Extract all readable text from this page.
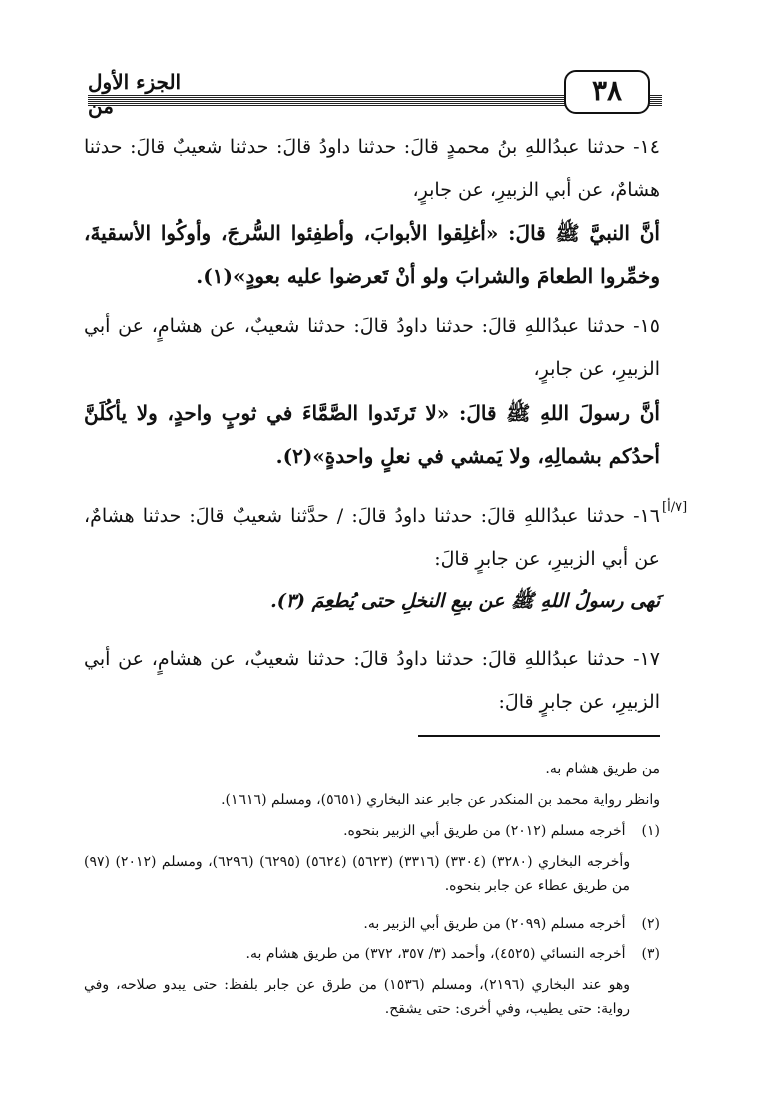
الجزء الأول من	٣٨
[٧/أ]
١٤- حدثنا عبدُاللهِ بنُ محمدٍ قالَ: حدثنا داودُ قالَ: حدثنا شعيبٌ قالَ: حدثنا هشامٌ، عن أبي الزبيرِ، عن جابرٍ،
أنَّ النبيَّ ﷺ قالَ: «أغلِقوا الأبوابَ، وأطفِئوا السُّرجَ، وأوكُوا الأسقيةَ، وخمِّروا الطعامَ والشرابَ ولو أنْ تَعرضوا عليه بعودٍ»(١).
١٥- حدثنا عبدُاللهِ قالَ: حدثنا داودُ قالَ: حدثنا شعيبٌ، عن هشامٍ، عن أبي الزبيرِ، عن جابرٍ،
أنَّ رسولَ اللهِ ﷺ قالَ: «لا تَرتَدوا الصَّمَّاءَ في ثوبٍ واحدٍ، ولا يأكُلَنَّ أحدُكم بشمالِهِ، ولا يَمشي في نعلٍ واحدةٍ»(٢).
١٦- حدثنا عبدُاللهِ قالَ: حدثنا داودُ قالَ: / حدَّثنا شعيبٌ قالَ: حدثنا هشامٌ، عن أبي الزبيرِ، عن جابرٍ قالَ:
نَهى رسولُ اللهِ ﷺ عن بيعِ النخلِ حتى يُطعِمَ (٣).
١٧- حدثنا عبدُاللهِ قالَ: حدثنا داودُ قالَ: حدثنا شعيبٌ، عن هشامٍ، عن أبي الزبيرِ، عن جابرٍ قالَ:
من طريق هشام به.
وانظر رواية محمد بن المنكدر عن جابر عند البخاري (٥٦٥١)، ومسلم (١٦١٦).
(١) أخرجه مسلم (٢٠١٢) من طريق أبي الزبير بنحوه.
وأخرجه البخاري (٣٢٨٠) (٣٣٠٤) (٣٣١٦) (٥٦٢٣) (٥٦٢٤) (٦٢٩٥) (٦٢٩٦)، ومسلم (٢٠١٢) (٩٧) من طريق عطاء عن جابر بنحوه.
(٢) أخرجه مسلم (٢٠٩٩) من طريق أبي الزبير به.
(٣) أخرجه النسائي (٤٥٢٥)، وأحمد (٣/ ٣٥٧، ٣٧٢) من طريق هشام به.
وهو عند البخاري (٢١٩٦)، ومسلم (١٥٣٦) من طرق عن جابر بلفظ: حتى يبدو صلاحه، وفي رواية: حتى يطيب، وفي أخرى: حتى يشقح.
